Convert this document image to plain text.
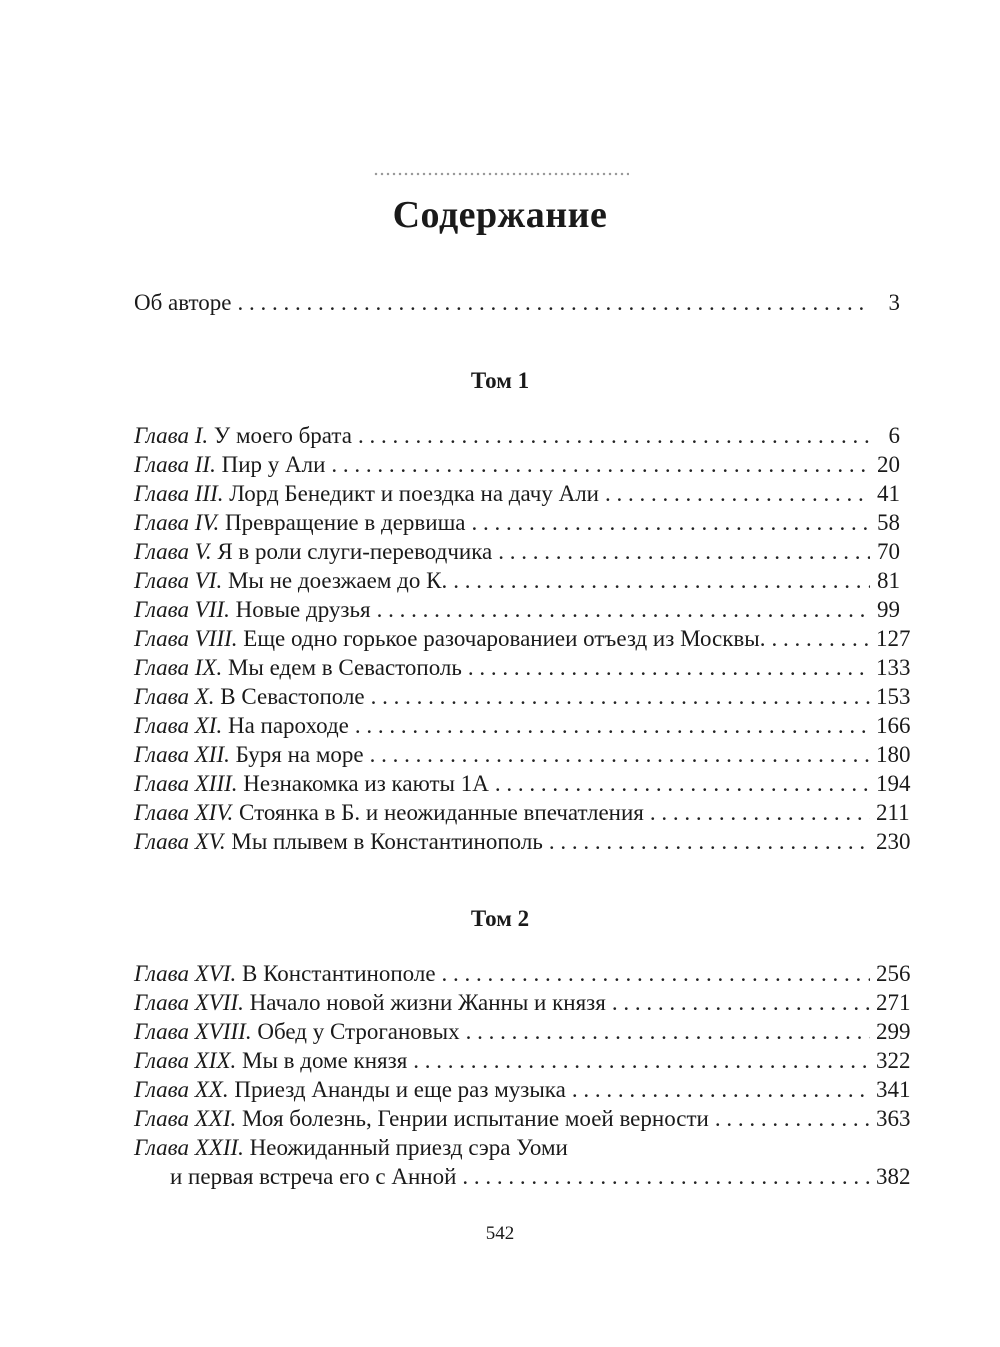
Содержание
Об авторе . . .	3
Том 1
Глава I. У моего брата . . .	6
Глава II. Пир у Али . . .	20
Глава III. Лорд Бенедикт и поездка на дачу Али . . .	41
Глава IV. Превращение в дервиша . . .	58
Глава V. Я в роли слуги-переводчика . . .	70
Глава VI. Мы не доезжаем до К. . . .	81
Глава VII. Новые друзья . . .	99
Глава VIII. Еще одно горькое разочарованиеи отъезд из Москвы. . . .	127
Глава IX. Мы едем в Севастополь . . .	133
Глава X. В Севастополе . . .	153
Глава XI. На пароходе . . .	166
Глава XII. Буря на море . . .	180
Глава XIII. Незнакомка из каюты 1А . . .	194
Глава XIV. Стоянка в Б. и неожиданные впечатления . . .	211
Глава XV. Мы плывем в Константинополь . . .	230
Том 2
Глава XVI. В Константинополе . . .	256
Глава XVII. Начало новой жизни Жанны и князя . . .	271
Глава XVIII. Обед у Строгановых . . .	299
Глава XIX. Мы в доме князя . . .	322
Глава XX. Приезд Ананды и еще раз музыка . . .	341
Глава XXI. Моя болезнь, Генрии испытание моей верности . . .	363
Глава XXII. Неожиданный приезд сэра Уоми
и первая встреча его с Анной . . .	382
542
